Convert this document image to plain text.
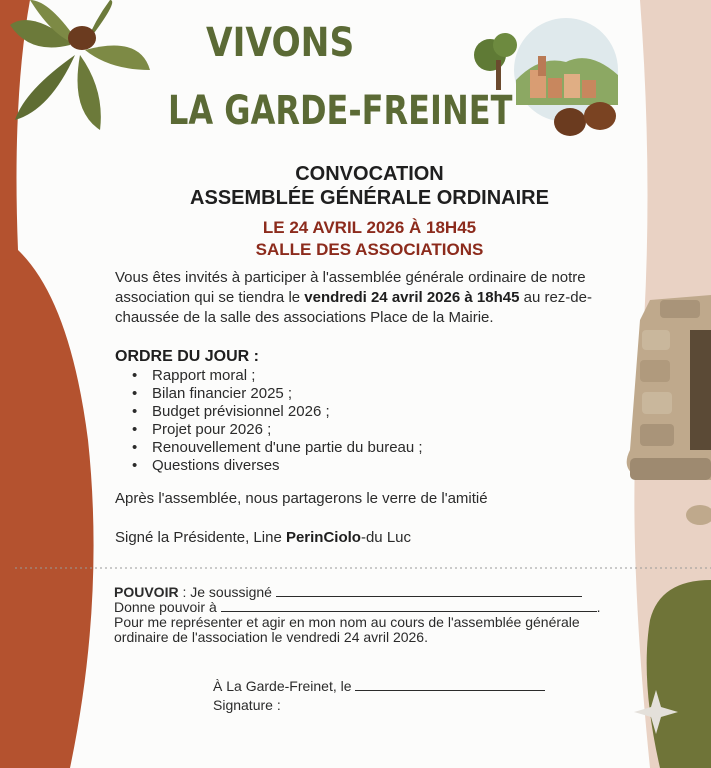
VIVONS
LA GARDE-FREINET
CONVOCATION
ASSEMBLÉE GÉNÉRALE ORDINAIRE
LE 24 AVRIL 2026 À 18H45
SALLE DES ASSOCIATIONS
Vous êtes invités à participer à l'assemblée générale ordinaire de notre association qui se tiendra le vendredi 24 avril 2026 à 18h45 au rez-de-chaussée de la salle des associations Place de la Mairie.
ORDRE DU JOUR :
• Rapport moral ;
• Bilan financier 2025 ;
• Budget prévisionnel 2026 ;
• Projet pour 2026 ;
• Renouvellement d'une partie du bureau ;
• Questions diverses
Après l'assemblée, nous partagerons le verre de l'amitié
Signé la Présidente, Line PerinCiolo-du Luc
POUVOIR : Je soussigné
Donne pouvoir à	.
Pour me représenter et agir en mon nom au cours de l'assemblée générale ordinaire de l'association le vendredi 24 avril 2026.
À La Garde-Freinet, le
Signature :
